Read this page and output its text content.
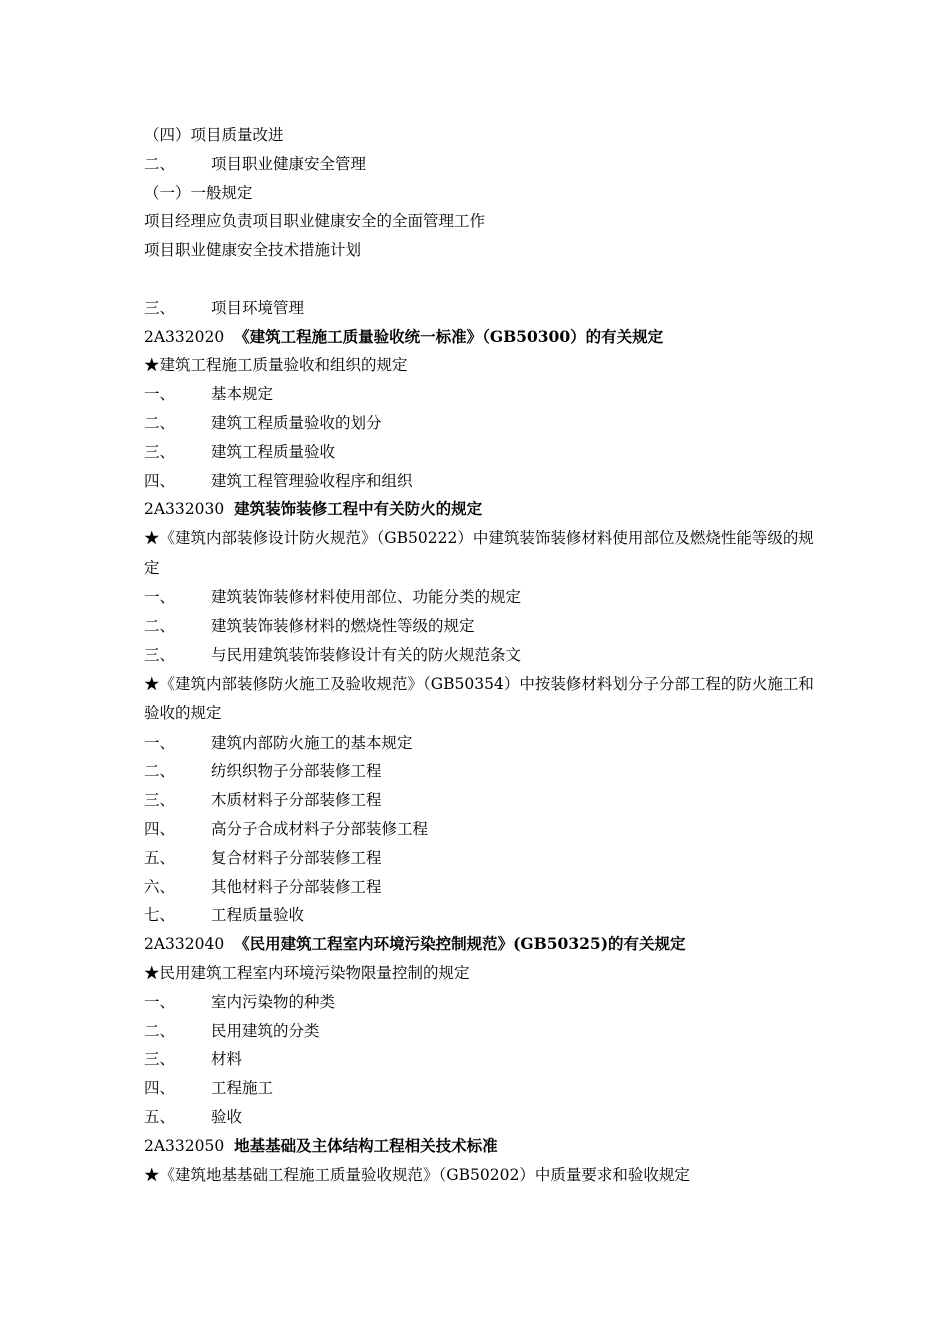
（四）项目质量改进
二、 项目职业健康安全管理
（一）一般规定
项目经理应负责项目职业健康安全的全面管理工作
项目职业健康安全技术措施计划
三、 项目环境管理
2A332020 《建筑工程施工质量验收统一标准》（GB50300）的有关规定
★建筑工程施工质量验收和组织的规定
一、 基本规定
二、 建筑工程质量验收的划分
三、 建筑工程质量验收
四、 建筑工程管理验收程序和组织
2A332030 建筑装饰装修工程中有关防火的规定
★《建筑内部装修设计防火规范》（GB50222）中建筑装饰装修材料使用部位及燃烧性能等级的规定
一、 建筑装饰装修材料使用部位、功能分类的规定
二、 建筑装饰装修材料的燃烧性等级的规定
三、 与民用建筑装饰装修设计有关的防火规范条文
★《建筑内部装修防火施工及验收规范》（GB50354）中按装修材料划分子分部工程的防火施工和验收的规定
一、 建筑内部防火施工的基本规定
二、 纺织织物子分部装修工程
三、 木质材料子分部装修工程
四、 高分子合成材料子分部装修工程
五、 复合材料子分部装修工程
六、 其他材料子分部装修工程
七、 工程质量验收
2A332040 《民用建筑工程室内环境污染控制规范》(GB50325)的有关规定
★民用建筑工程室内环境污染物限量控制的规定
一、 室内污染物的种类
二、 民用建筑的分类
三、 材料
四、 工程施工
五、 验收
2A332050 地基基础及主体结构工程相关技术标准
★《建筑地基基础工程施工质量验收规范》（GB50202）中质量要求和验收规定
